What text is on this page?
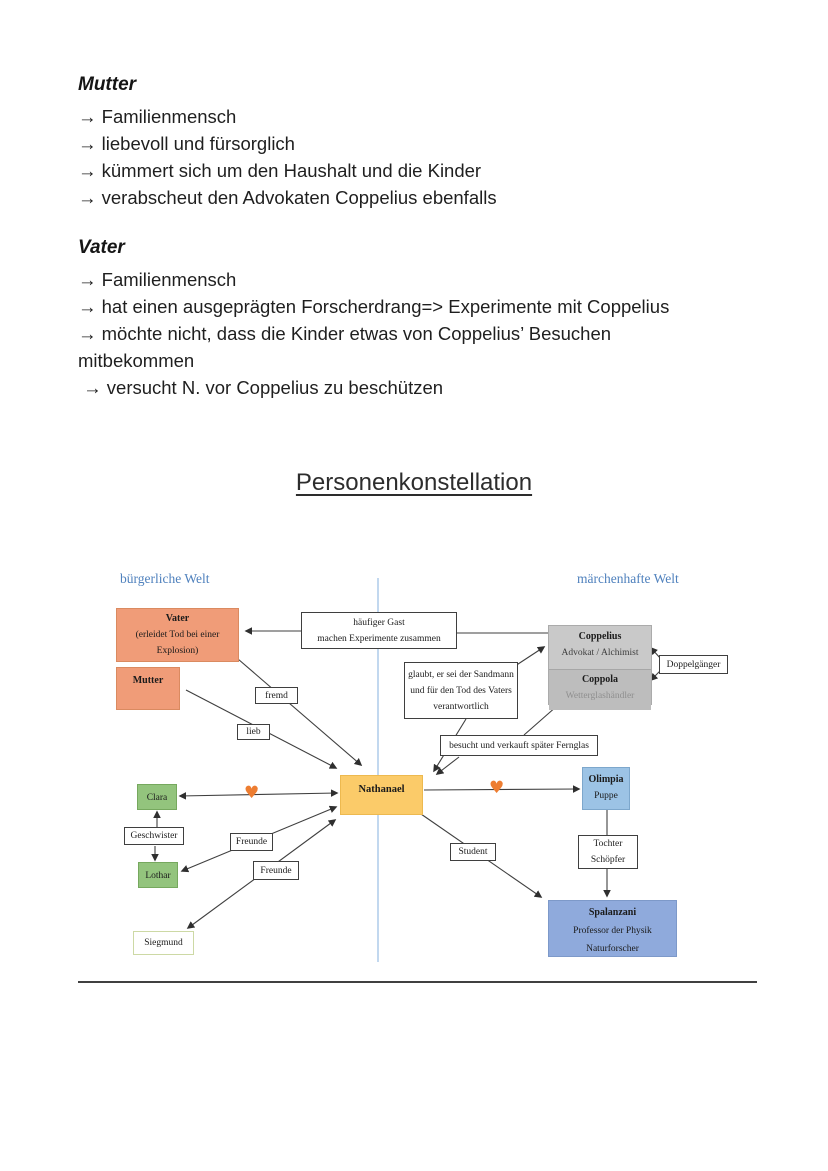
Mutter
→ Familienmensch
→ liebevoll und fürsorglich
→ kümmert sich um den Haushalt und die Kinder
→ verabscheut den Advokaten Coppelius ebenfalls
Vater
→ Familienmensch
→ hat einen ausgeprägten Forscherdrang=> Experimente mit Coppelius
→ möchte nicht, dass die Kinder etwas von Coppelius’ Besuchen
mitbekommen
→ versucht N. vor Coppelius zu beschützen
Personenkonstellation
bürgerliche Welt	märchenhafte Welt
Vater
(erleidet Tod bei einer
Explosion)
Mutter
häufiger Gast
machen Experimente zusammen	Coppelius
Advokat / Alchimist
Coppola
Wetterglashändler
Doppelgänger
glaubt, er sei der Sandmann
und für den Tod des Vaters
verantwortlich
fremd
lieb
besucht und verkauft später Fernglas
Nathanael
Clara
Olimpia
Puppe
Geschwister
Freunde
Freunde
Lothar
Student
Tochter
Schöpfer
Siegmund
Spalanzani
Professor der Physik
Naturforscher
♥	♥
